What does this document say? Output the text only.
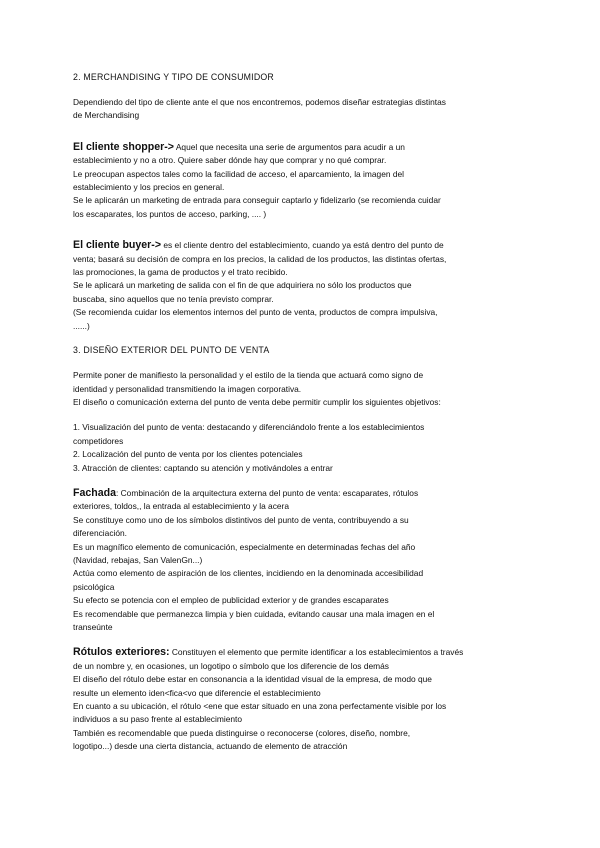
2. MERCHANDISING Y TIPO DE CONSUMIDOR

Dependiendo del tipo de cliente ante el que nos encontremos, podemos diseñar estrategias distintas

de Merchandising

El cliente shopper-> Aquel que necesita una serie de argumentos para acudir a un

establecimiento y no a otro. Quiere saber dónde hay que comprar y no qué comprar.

Le preocupan aspectos tales como la facilidad de acceso, el aparcamiento, la imagen del

establecimiento y los precios en general.

Se le aplicarán un marketing de entrada para conseguir captarlo y fidelizarlo (se recomienda cuidar

los escaparates, los puntos de acceso, parking, .... )

El cliente buyer-> es el cliente dentro del establecimiento, cuando ya está dentro del punto de

venta; basará su decisión de compra en los precios, la calidad de los productos, las distintas ofertas,

las promociones, la gama de productos y el trato recibido.

Se le aplicará un marketing de salida con el fin de que adquiriera no sólo los productos que

buscaba, sino aquellos que no tenía previsto comprar.

(Se recomienda cuidar los elementos internos del punto de venta, productos de compra impulsiva,

......)

3. DISEÑO EXTERIOR DEL PUNTO DE VENTA

Permite poner de manifiesto la personalidad y el estilo de la tienda que actuará como signo de

identidad y personalidad transmitiendo la imagen corporativa.

El diseño o comunicación externa del punto de venta debe permitir cumplir los siguientes objetivos:

1. Visualización del punto de venta: destacando y diferenciándolo frente a los establecimientos

competidores

2. Localización del punto de venta por los clientes potenciales

3. Atracción de clientes: captando su atención y motivándoles a entrar

Fachada: Combinación de la arquitectura externa del punto de venta: escaparates, rótulos

exteriores, toldos,, la entrada al establecimiento y la acera

Se constituye como uno de los símbolos distintivos del punto de venta, contribuyendo a su

diferenciación.

Es un magnífico elemento de comunicación, especialmente en determinadas fechas del año

(Navidad, rebajas, San ValenGn...)

Actúa como elemento de aspiración de los clientes, incidiendo en la denominada accesibilidad

psicológica

Su efecto se potencia con el empleo de publicidad exterior y de grandes escaparates

Es recomendable que permanezca limpia y bien cuidada, evitando causar una mala imagen en el

transeúnte

Rótulos exteriores: Constituyen el elemento que permite identificar a los establecimientos a través

de un nombre y, en ocasiones, un logotipo o símbolo que los diferencie de los demás

El diseño del rótulo debe estar en consonancia a la identidad visual de la empresa, de modo que

resulte un elemento iden<fica<vo que diferencie el establecimiento

En cuanto a su ubicación, el rótulo <ene que estar situado en una zona perfectamente visible por los

individuos a su paso frente al establecimiento

También es recomendable que pueda distinguirse o reconocerse (colores, diseño, nombre,

logotipo...) desde una cierta distancia, actuando de elemento de atracción
